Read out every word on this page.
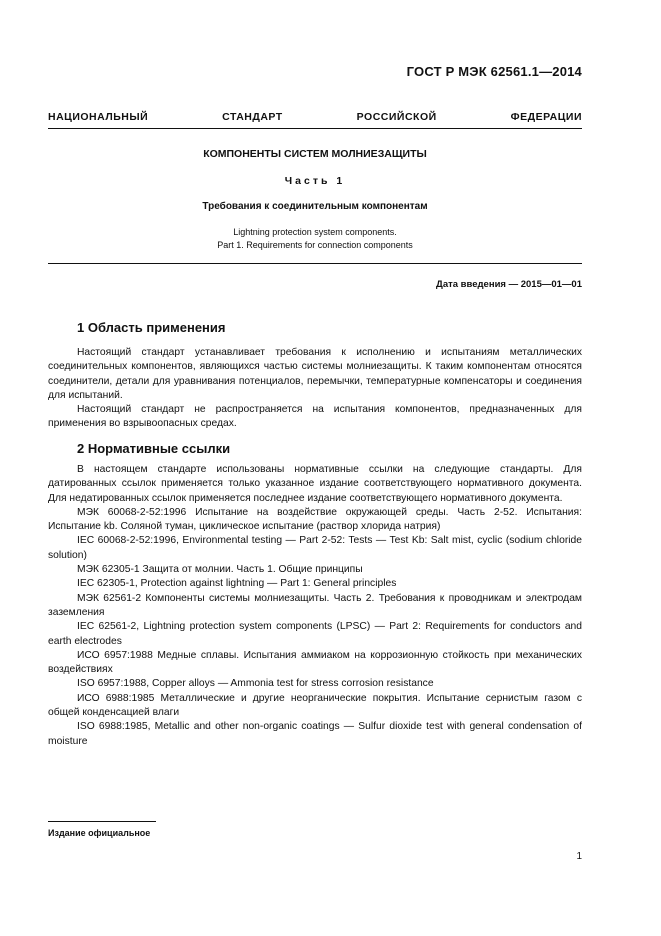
ГОСТ Р МЭК 62561.1—2014
НАЦИОНАЛЬНЫЙ СТАНДАРТ РОССИЙСКОЙ ФЕДЕРАЦИИ
КОМПОНЕНТЫ СИСТЕМ МОЛНИЕЗАЩИТЫ
Часть 1
Требования к соединительным компонентам
Lightning protection system components.
Part 1. Requirements for connection components
Дата введения — 2015—01—01
1 Область применения

Настоящий стандарт устанавливает требования к исполнению и испытаниям металлических соединительных компонентов, являющихся частью системы молниезащиты. К таким компонентам относятся соединители, детали для уравнивания потенциалов, перемычки, температурные компенсаторы и соединения для испытаний.

Настоящий стандарт не распространяется на испытания компонентов, предназначенных для применения во взрывоопасных средах.

2 Нормативные ссылки

В настоящем стандарте использованы нормативные ссылки на следующие стандарты. Для датированных ссылок применяется только указанное издание соответствующего нормативного документа. Для недатированных ссылок применяется последнее издание соответствующего нормативного документа.

МЭК 60068-2-52:1996 Испытание на воздействие окружающей среды. Часть 2-52. Испытания: Испытание kb. Соляной туман, циклическое испытание (раствор хлорида натрия)

IEC 60068-2-52:1996, Environmental testing — Part 2-52: Tests — Test Kb: Salt mist, cyclic (sodium chloride solution)

МЭК 62305-1 Защита от молнии. Часть 1. Общие принципы

IEC 62305-1, Protection against lightning — Part 1: General principles

МЭК 62561-2 Компоненты системы молниезащиты. Часть 2. Требования к проводникам и электродам заземления

IEC 62561-2, Lightning protection system components (LPSC) — Part 2: Requirements for conductors and earth electrodes

ИСО 6957:1988 Медные сплавы. Испытания аммиаком на коррозионную стойкость при механических воздействиях

ISO 6957:1988, Copper alloys — Ammonia test for stress corrosion resistance

ИСО 6988:1985 Металлические и другие неорганические покрытия. Испытание сернистым газом с общей конденсацией влаги

ISO 6988:1985, Metallic and other non-organic coatings — Sulfur dioxide test with general condensation of moisture

Издание официальное
1
